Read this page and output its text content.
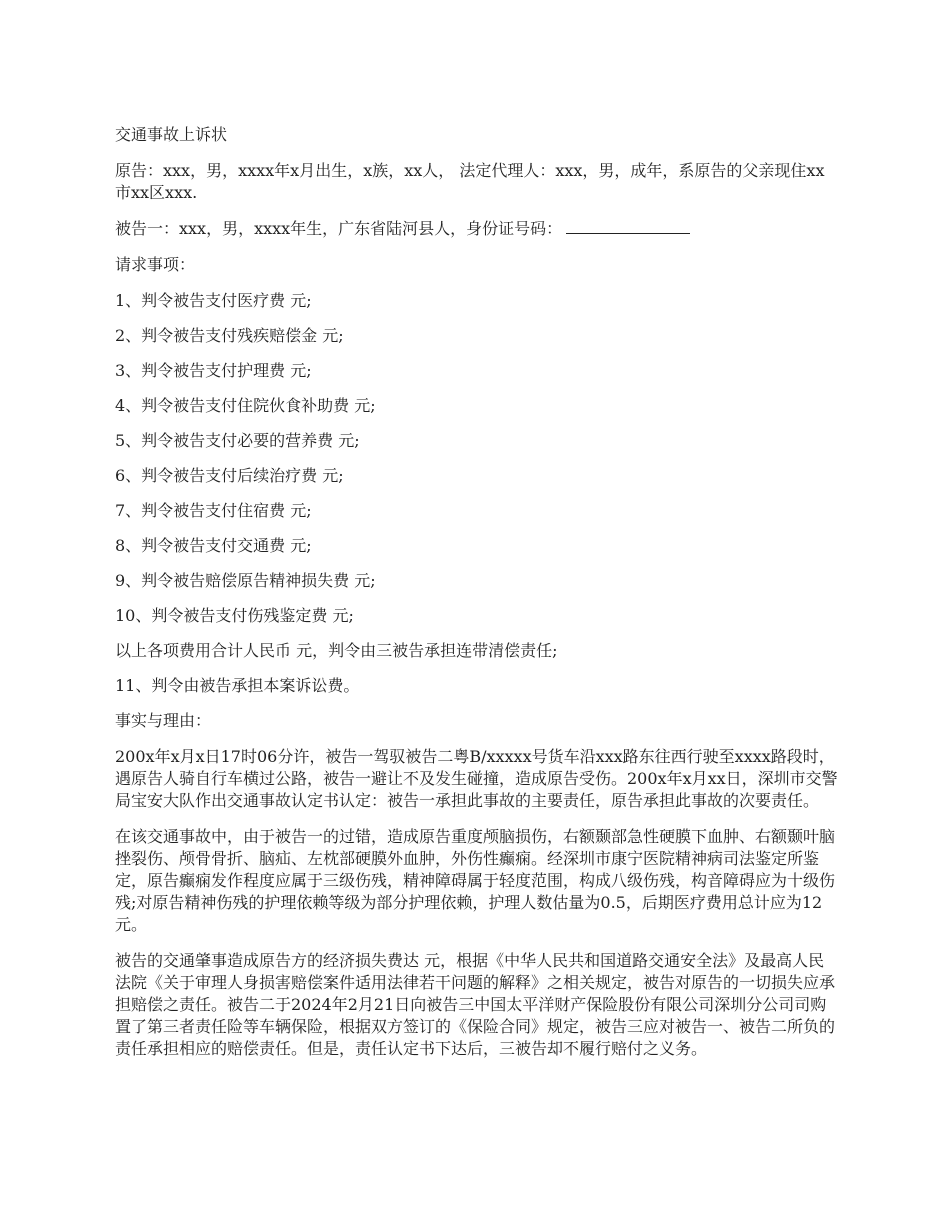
交通事故上诉状

原告：xxx，男，xxxx年x月出生，x族，xx人， 法定代理人：xxx，男，成年，系原告的父亲现住xx市xx区xxx.

被告一：xxx，男，xxxx年生，广东省陆河县人，身份证号码：

请求事项：

1、判令被告支付医疗费 元;

2、判令被告支付残疾赔偿金 元;

3、判令被告支付护理费 元;

4、判令被告支付住院伙食补助费 元;

5、判令被告支付必要的营养费 元;

6、判令被告支付后续治疗费 元;

7、判令被告支付住宿费 元;

8、判令被告支付交通费 元;

9、判令被告赔偿原告精神损失费 元;

10、判令被告支付伤残鉴定费 元;

以上各项费用合计人民币 元，判令由三被告承担连带清偿责任;

11、判令由被告承担本案诉讼费。

事实与理由：

200x年x月x日17时06分许，被告一驾驭被告二粤B/xxxxx号货车沿xxx路东往西行驶至xxxx路段时，遇原告人骑自行车横过公路，被告一避让不及发生碰撞，造成原告受伤。200x年x月xx日，深圳市交警局宝安大队作出交通事故认定书认定：被告一承担此事故的主要责任，原告承担此事故的次要责任。

在该交通事故中，由于被告一的过错，造成原告重度颅脑损伤，右额颞部急性硬膜下血肿、右额颞叶脑挫裂伤、颅骨骨折、脑疝、左枕部硬膜外血肿，外伤性癫痫。经深圳市康宁医院精神病司法鉴定所鉴定，原告癫痫发作程度应属于三级伤残，精神障碍属于轻度范围，构成八级伤残，构音障碍应为十级伤残;对原告精神伤残的护理依赖等级为部分护理依赖，护理人数估量为0.5，后期医疗费用总计应为12元。

被告的交通肇事造成原告方的经济损失费达 元，根据《中华人民共和国道路交通安全法》及最高人民法院《关于审理人身损害赔偿案件适用法律若干问题的解释》之相关规定，被告对原告的一切损失应承担赔偿之责任。被告二于2024年2月21日向被告三中国太平洋财产保险股份有限公司深圳分公司司购置了第三者责任险等车辆保险，根据双方签订的《保险合同》规定，被告三应对被告一、被告二所负的责任承担相应的赔偿责任。但是，责任认定书下达后，三被告却不履行赔付之义务。
